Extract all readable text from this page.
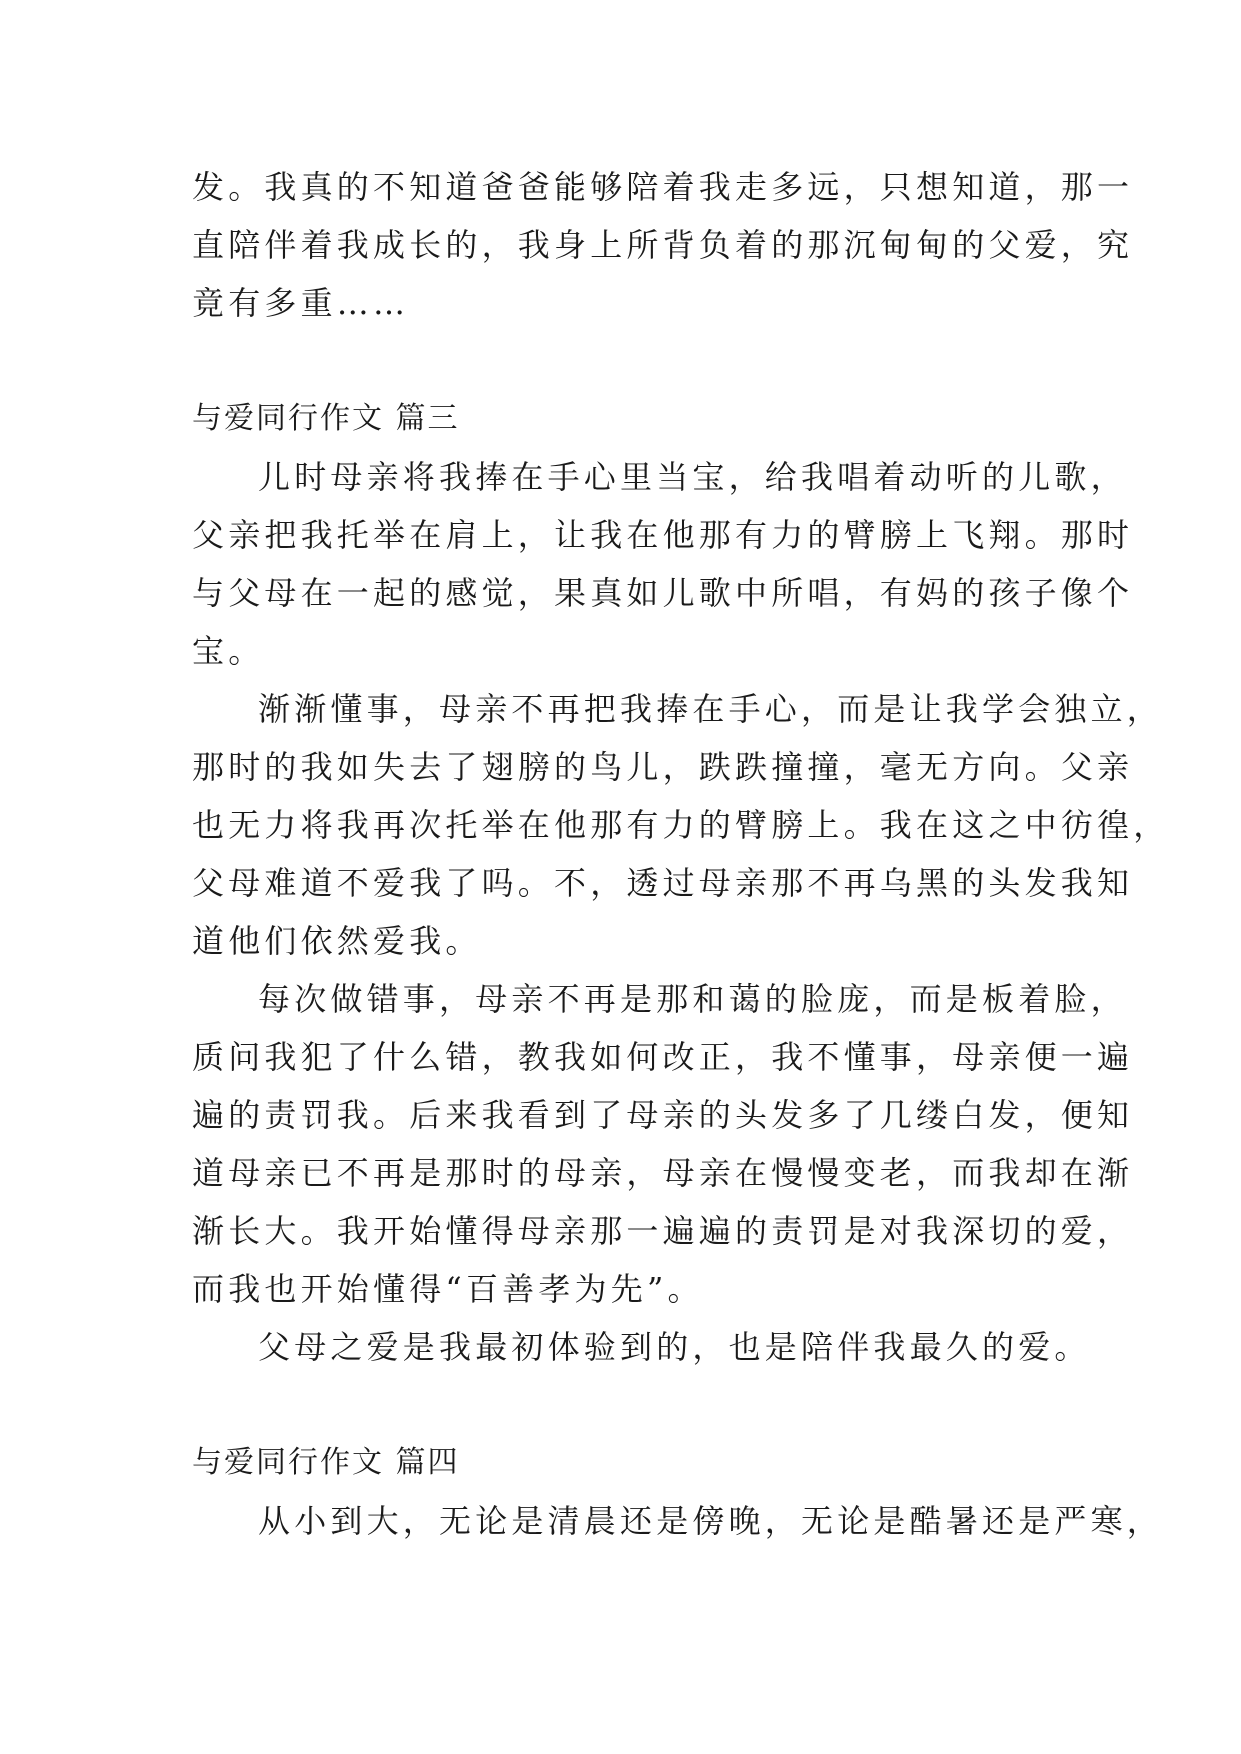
发。我真的不知道爸爸能够陪着我走多远，只想知道，那一
直陪伴着我成长的，我身上所背负着的那沉甸甸的父爱，究
竟有多重……
与爱同行作文 篇三
儿时母亲将我捧在手心里当宝，给我唱着动听的儿歌，
父亲把我托举在肩上，让我在他那有力的臂膀上飞翔。那时
与父母在一起的感觉，果真如儿歌中所唱，有妈的孩子像个
宝。
渐渐懂事，母亲不再把我捧在手心，而是让我学会独立，
那时的我如失去了翅膀的鸟儿，跌跌撞撞，毫无方向。父亲
也无力将我再次托举在他那有力的臂膀上。我在这之中彷徨，
父母难道不爱我了吗。不，透过母亲那不再乌黑的头发我知
道他们依然爱我。
每次做错事，母亲不再是那和蔼的脸庞，而是板着脸，
质问我犯了什么错，教我如何改正，我不懂事，母亲便一遍
遍的责罚我。后来我看到了母亲的头发多了几缕白发，便知
道母亲已不再是那时的母亲，母亲在慢慢变老，而我却在渐
渐长大。我开始懂得母亲那一遍遍的责罚是对我深切的爱，
而我也开始懂得“百善孝为先”。
父母之爱是我最初体验到的，也是陪伴我最久的爱。
与爱同行作文 篇四
从小到大，无论是清晨还是傍晚，无论是酷暑还是严寒，
